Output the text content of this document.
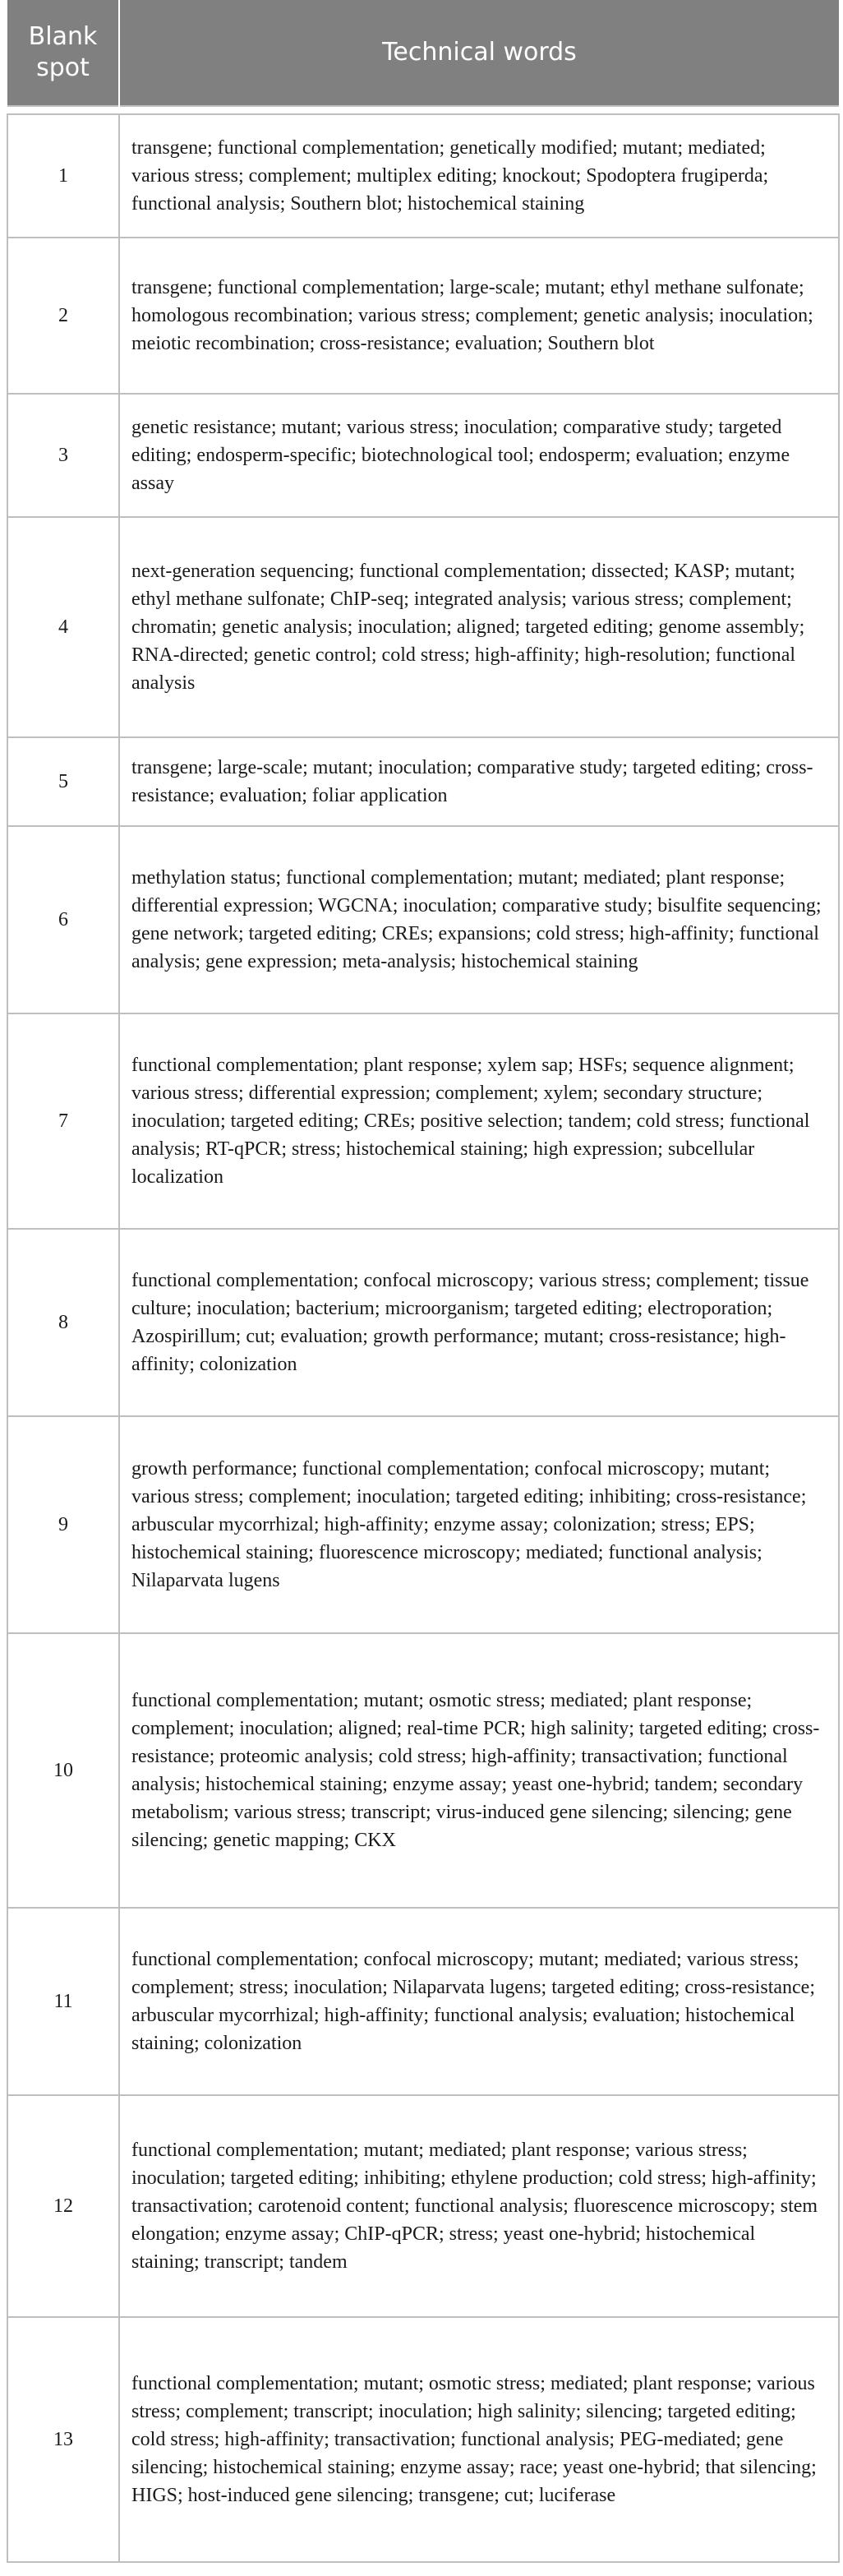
Blank
spot	Technical words

1	transgene; functional complementation; genetically modified; mutant; mediated; various stress; complement; multiplex editing; knockout; Spodoptera frugiperda; functional analysis; Southern blot; histochemical staining
2	transgene; functional complementation; large-scale; mutant; ethyl methane sulfonate; homologous recombination; various stress; complement; genetic analysis; inoculation; meiotic recombination; cross-resistance; evaluation; Southern blot
3	genetic resistance; mutant; various stress; inoculation; comparative study; targeted editing; endosperm-specific; biotechnological tool; endosperm; evaluation; enzyme assay
4	next-generation sequencing; functional complementation; dissected; KASP; mutant; ethyl methane sulfonate; ChIP-seq; integrated analysis; various stress; complement; chromatin; genetic analysis; inoculation; aligned; targeted editing; genome assembly; RNA-directed; genetic control; cold stress; high-affinity; high-resolution; functional analysis
5	transgene; large-scale; mutant; inoculation; comparative study; targeted editing; cross-resistance; evaluation; foliar application
6	methylation status; functional complementation; mutant; mediated; plant response; differential expression; WGCNA; inoculation; comparative study; bisulfite sequencing; gene network; targeted editing; CREs; expansions; cold stress; high-affinity; functional analysis; gene expression; meta-analysis; histochemical staining
7	functional complementation; plant response; xylem sap; HSFs; sequence alignment; various stress; differential expression; complement; xylem; secondary structure; inoculation; targeted editing; CREs; positive selection; tandem; cold stress; functional analysis; RT-qPCR; stress; histochemical staining; high expression; subcellular localization
8	functional complementation; confocal microscopy; various stress; complement; tissue culture; inoculation; bacterium; microorganism; targeted editing; electroporation; Azospirillum; cut; evaluation; growth performance; mutant; cross-resistance; high-affinity; colonization
9	growth performance; functional complementation; confocal microscopy; mutant; various stress; complement; inoculation; targeted editing; inhibiting; cross-resistance; arbuscular mycorrhizal; high-affinity; enzyme assay; colonization; stress; EPS; histochemical staining; fluorescence microscopy; mediated; functional analysis; Nilaparvata lugens
10	functional complementation; mutant; osmotic stress; mediated; plant response; complement; inoculation; aligned; real-time PCR; high salinity; targeted editing; cross-resistance; proteomic analysis; cold stress; high-affinity; transactivation; functional analysis; histochemical staining; enzyme assay; yeast one-hybrid; tandem; secondary metabolism; various stress; transcript; virus-induced gene silencing; silencing; gene silencing; genetic mapping; CKX
11	functional complementation; confocal microscopy; mutant; mediated; various stress; complement; stress; inoculation; Nilaparvata lugens; targeted editing; cross-resistance; arbuscular mycorrhizal; high-affinity; functional analysis; evaluation; histochemical staining; colonization
12	functional complementation; mutant; mediated; plant response; various stress; inoculation; targeted editing; inhibiting; ethylene production; cold stress; high-affinity; transactivation; carotenoid content; functional analysis; fluorescence microscopy; stem elongation; enzyme assay; ChIP-qPCR; stress; yeast one-hybrid; histochemical staining; transcript; tandem
13	functional complementation; mutant; osmotic stress; mediated; plant response; various stress; complement; transcript; inoculation; high salinity; silencing; targeted editing; cold stress; high-affinity; transactivation; functional analysis; PEG-mediated; gene silencing; histochemical staining; enzyme assay; race; yeast one-hybrid; that silencing; HIGS; host-induced gene silencing; transgene; cut; luciferase
